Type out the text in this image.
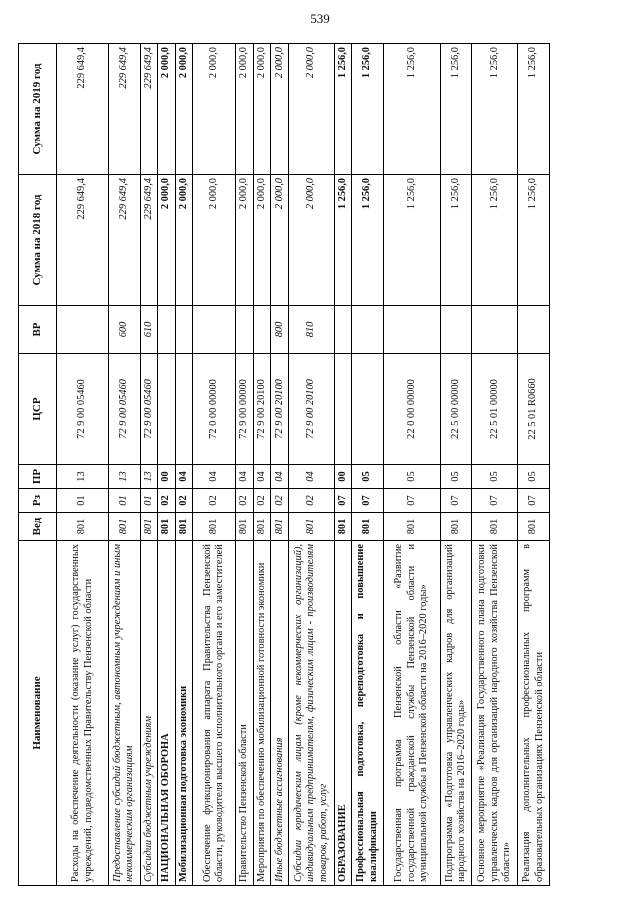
539
Наименование	Вед	Рз	ПР	ЦСР	ВР	Сумма на 2018 год	Сумма на 2019 год
Расходы на обеспечение деятельности (оказание услуг) государственных учреждений, подведомственных Правительству Пензенской области	801	01	13	72 9 00 05460		229 649,4	229 649,4
Предоставление субсидий бюджетным, автономным учреждениям и иным некоммерческим организациям	801	01	13	72 9 00 05460	600	229 649,4	229 649,4
Субсидии бюджетным учреждениям	801	01	13	72 9 00 05460	610	229 649,4	229 649,4
НАЦИОНАЛЬНАЯ ОБОРОНА	801	02	00			2 000,0	2 000,0
Мобилизационная подготовка экономики	801	02	04			2 000,0	2 000,0
Обеспечение функционирования аппарата Правительства Пензенской области, руководителя высшего исполнительного органа и его заместителей	801	02	04	72 0 00 00000		2 000,0	2 000,0
Правительство Пензенской области	801	02	04	72 9 00 00000		2 000,0	2 000,0
Мероприятия по обеспечению мобилизационной готовности экономики	801	02	04	72 9 00 20100		2 000,0	2 000,0
Иные бюджетные ассигнования	801	02	04	72 9 00 20100	800	2 000,0	2 000,0
Субсидии юридическим лицам (кроме некоммерческих организаций), индивидуальным предпринимателям, физическим лицам - производителям товаров, работ, услуг	801	02	04	72 9 00 20100	810	2 000,0	2 000,0
ОБРАЗОВАНИЕ	801	07	00			1 256,0	1 256,0
Профессиональная подготовка, переподготовка и повышение квалификации	801	07	05			1 256,0	1 256,0
Государственная программа Пензенской области «Развитие государственной гражданской службы Пензенской области и муниципальной службы в Пензенской области на 2016–2020 годы»	801	07	05	22 0 00 00000		1 256,0	1 256,0
Подпрограмма «Подготовка управленческих кадров для организаций народного хозяйства на 2016–2020 годы»	801	07	05	22 5 00 00000		1 256,0	1 256,0
Основное мероприятие «Реализация Государственного плана подготовки управленческих кадров для организаций народного хозяйства Пензенской области»	801	07	05	22 5 01 00000		1 256,0	1 256,0
Реализация дополнительных профессиональных программ в образовательных организациях Пензенской области	801	07	05	22 5 01 R0660		1 256,0	1 256,0
